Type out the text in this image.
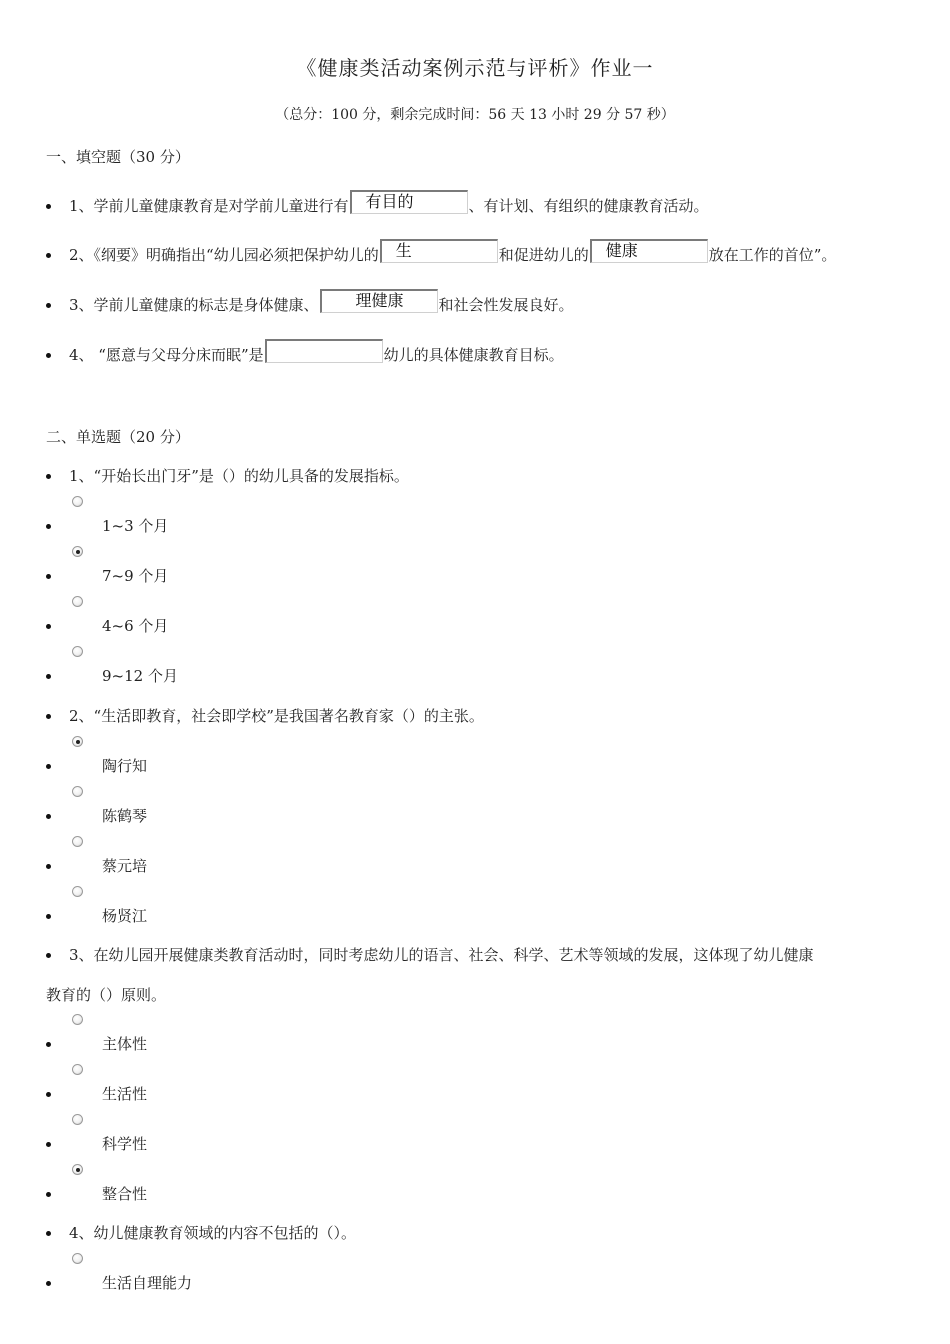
《健康类活动案例示范与评析》作业一
（总分：100 分，剩余完成时间：56 天 13 小时 29 分 57 秒）
一、填空题（30 分）
1、学前儿童健康教育是对学前儿童进行有	有目的	、有计划、有组织的健康教育活动。
2、《纲要》明确指出“幼儿园必须把保护幼儿的	生	和促进幼儿的	健康	放在工作的首位”。
3、学前儿童健康的标志是身体健康、	理健康	和社会性发展良好。
4、 “愿意与父母分床而眠”是	幼儿的具体健康教育目标。
二、单选题（20 分）
1、“开始长出门牙”是（）的幼儿具备的发展指标。
1~3 个月
7~9 个月
4~6 个月
9~12 个月
2、“生活即教育，社会即学校”是我国著名教育家（）的主张。
陶行知
陈鹤琴
蔡元培
杨贤江
3、在幼儿园开展健康类教育活动时，同时考虑幼儿的语言、社会、科学、艺术等领域的发展，这体现了幼儿健康
教育的（）原则。
主体性
生活性
科学性
整合性
4、幼儿健康教育领域的内容不包括的（）。
生活自理能力
